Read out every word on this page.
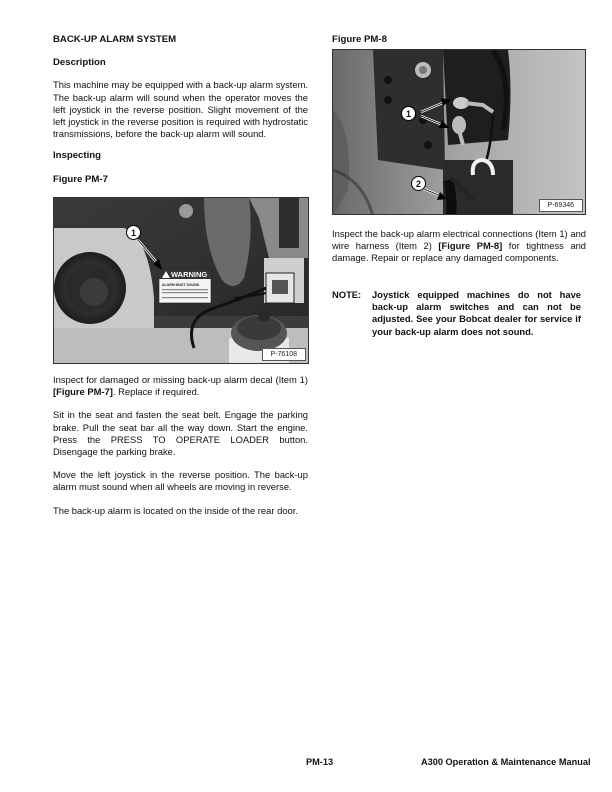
BACK-UP ALARM SYSTEM
Description

This machine may be equipped with a back-up alarm system. The back-up alarm will sound when the operator moves the left joystick in the reverse position. Slight movement of the left joystick in the reverse position is required with hydrostatic transmissions, before the back-up alarm will sound.

Inspecting
Figure PM-7
WARNING
ALARM MUST SOUND
1
P-76108

Inspect for damaged or missing back-up alarm decal (Item 1) [Figure PM-7]. Replace if required.

Sit in the seat and fasten the seat belt. Engage the parking brake. Pull the seat bar all the way down. Start the engine. Press the PRESS TO OPERATE LOADER button. Disengage the parking brake.

Move the left joystick in the reverse position. The back-up alarm must sound when all wheels are moving in reverse.

The back-up alarm is located on the inside of the rear door.

Figure PM-8
1
2
P-69346

Inspect the back-up alarm electrical connections (Item 1) and wire harness (Item 2) [Figure PM-8] for tightness and damage. Repair or replace any damaged components.

NOTE: Joystick equipped machines do not have back-up alarm switches and can not be adjusted. See your Bobcat dealer for service if your back-up alarm does not sound.
PM-13	A300 Operation & Maintenance Manual
